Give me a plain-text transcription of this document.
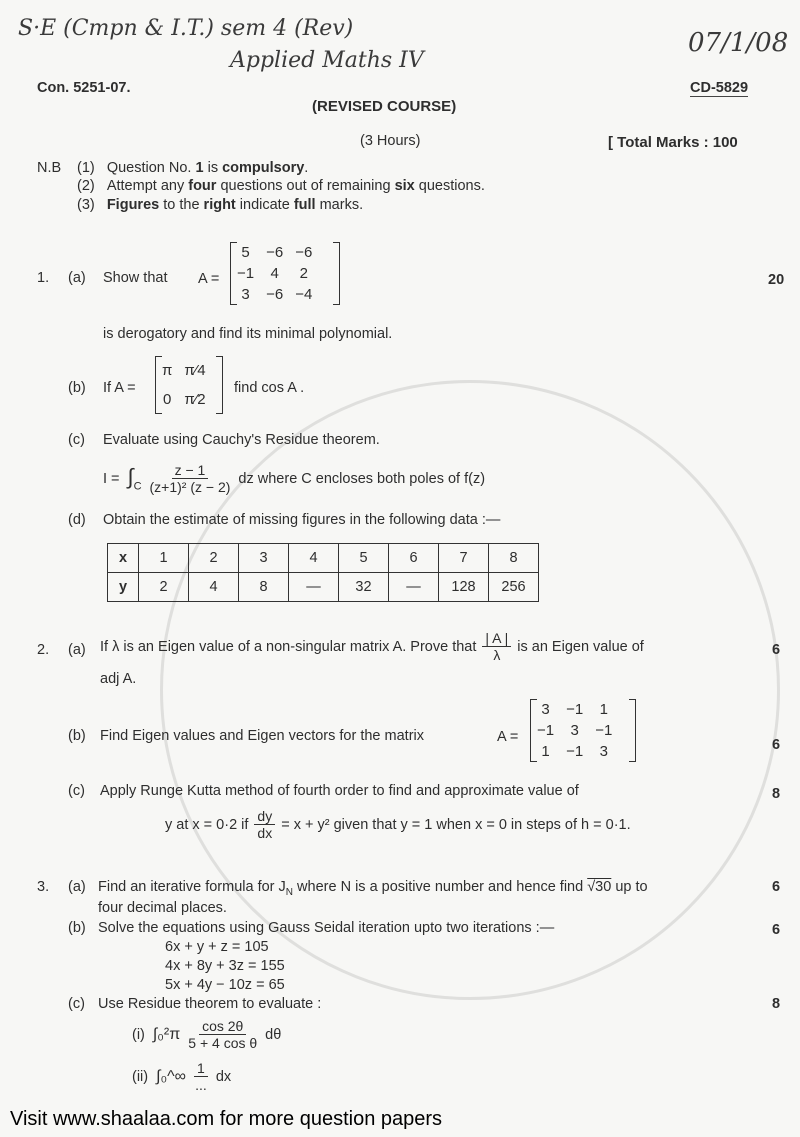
S·E (Cmpn & I.T.) sem 4 (Rev)
Applied Maths IV
07/1/08
Con. 5251-07.	CD-5829
(REVISED COURSE)
(3 Hours)	[ Total Marks : 100
N.B (1) Question No. 1 is compulsory.
(2) Attempt any four questions out of remaining six questions.
(3) Figures to the right indicate full marks.
1. (a) Show that A =
5	−6	−6
−1	4	2
3	−6	−4
20
is derogatory and find its minimal polynomial.
(b) If A =
π	π⁄4
0	π⁄2
find cos A .
(c) Evaluate using Cauchy's Residue theorem.
$I = \int_C \frac{z - 1}{\text{(z+1)² (z − 2)}}$ dz where C encloses both poles of f(z)
(d) Obtain the estimate of missing figures in the following data :—
x	1	2	3	4	5	6	7	8
y	2	4	8	—	32	—	128	256
2. (a) If λ is an Eigen value of a non-singular matrix A. Prove that $\frac{| A |}{\lambda}$ is an Eigen value of	6
adj A.
(b) Find Eigen values and Eigen vectors for the matrix	A =
3	−1	1
−1	3	−1
1	−1	3	6
(c) Apply Runge Kutta method of fourth order to find and approximate value of	8
y at x = 0·2 if $\frac{dy}{dx} = x + y^2$ given that y = 1 when x = 0 in steps of h = 0·1.
3. (a) Find an iterative formula for $J_N$ where N is a positive number and hence find √30 up to	6
four decimal places.
(b) Solve the equations using Gauss Seidal iteration upto two iterations :—	6
6x + y + z = 105
4x + 8y + 3z = 155
5x + 4y − 10z = 65
(c) Use Residue theorem to evaluate :	8
(i) $\int_0^2\pi \frac{\cos 2\theta}{\text{5 + 4 cos θ}}$ dθ
(ii) ∫₀^∞ $\frac{1}{...}$ dx
Visit www.shaalaa.com for more question papers
